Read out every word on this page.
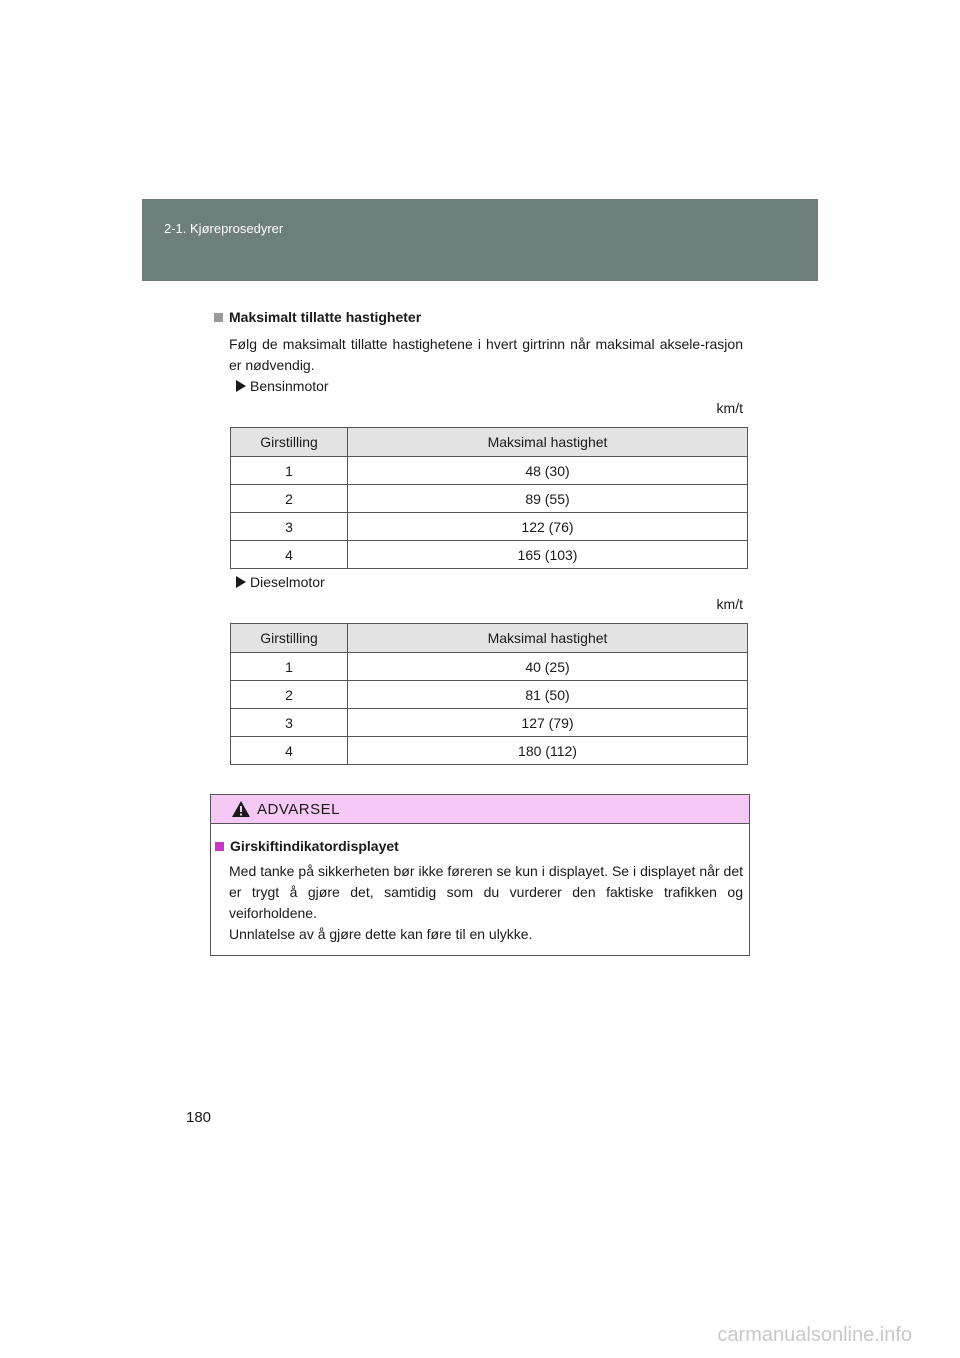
2-1. Kjøreprosedyrer
Maksimalt tillatte hastigheter
Følg de maksimalt tillatte hastighetene i hvert girtrinn når maksimal aksele-rasjon er nødvendig.
Bensinmotor
km/t
Girstilling	Maksimal hastighet
1	48 (30)
2	89 (55)
3	122 (76)
4	165 (103)
Dieselmotor
km/t
Girstilling	Maksimal hastighet
1	40 (25)
2	81 (50)
3	127 (79)
4	180 (112)
ADVARSEL
Girskiftindikatordisplayet

Med tanke på sikkerheten bør ikke føreren se kun i displayet. Se i displayet når det er trygt å gjøre det, samtidig som du vurderer den faktiske trafikken og veiforholdene.

Unnlatelse av å gjøre dette kan føre til en ulykke.

180
carmanualsonline.info
